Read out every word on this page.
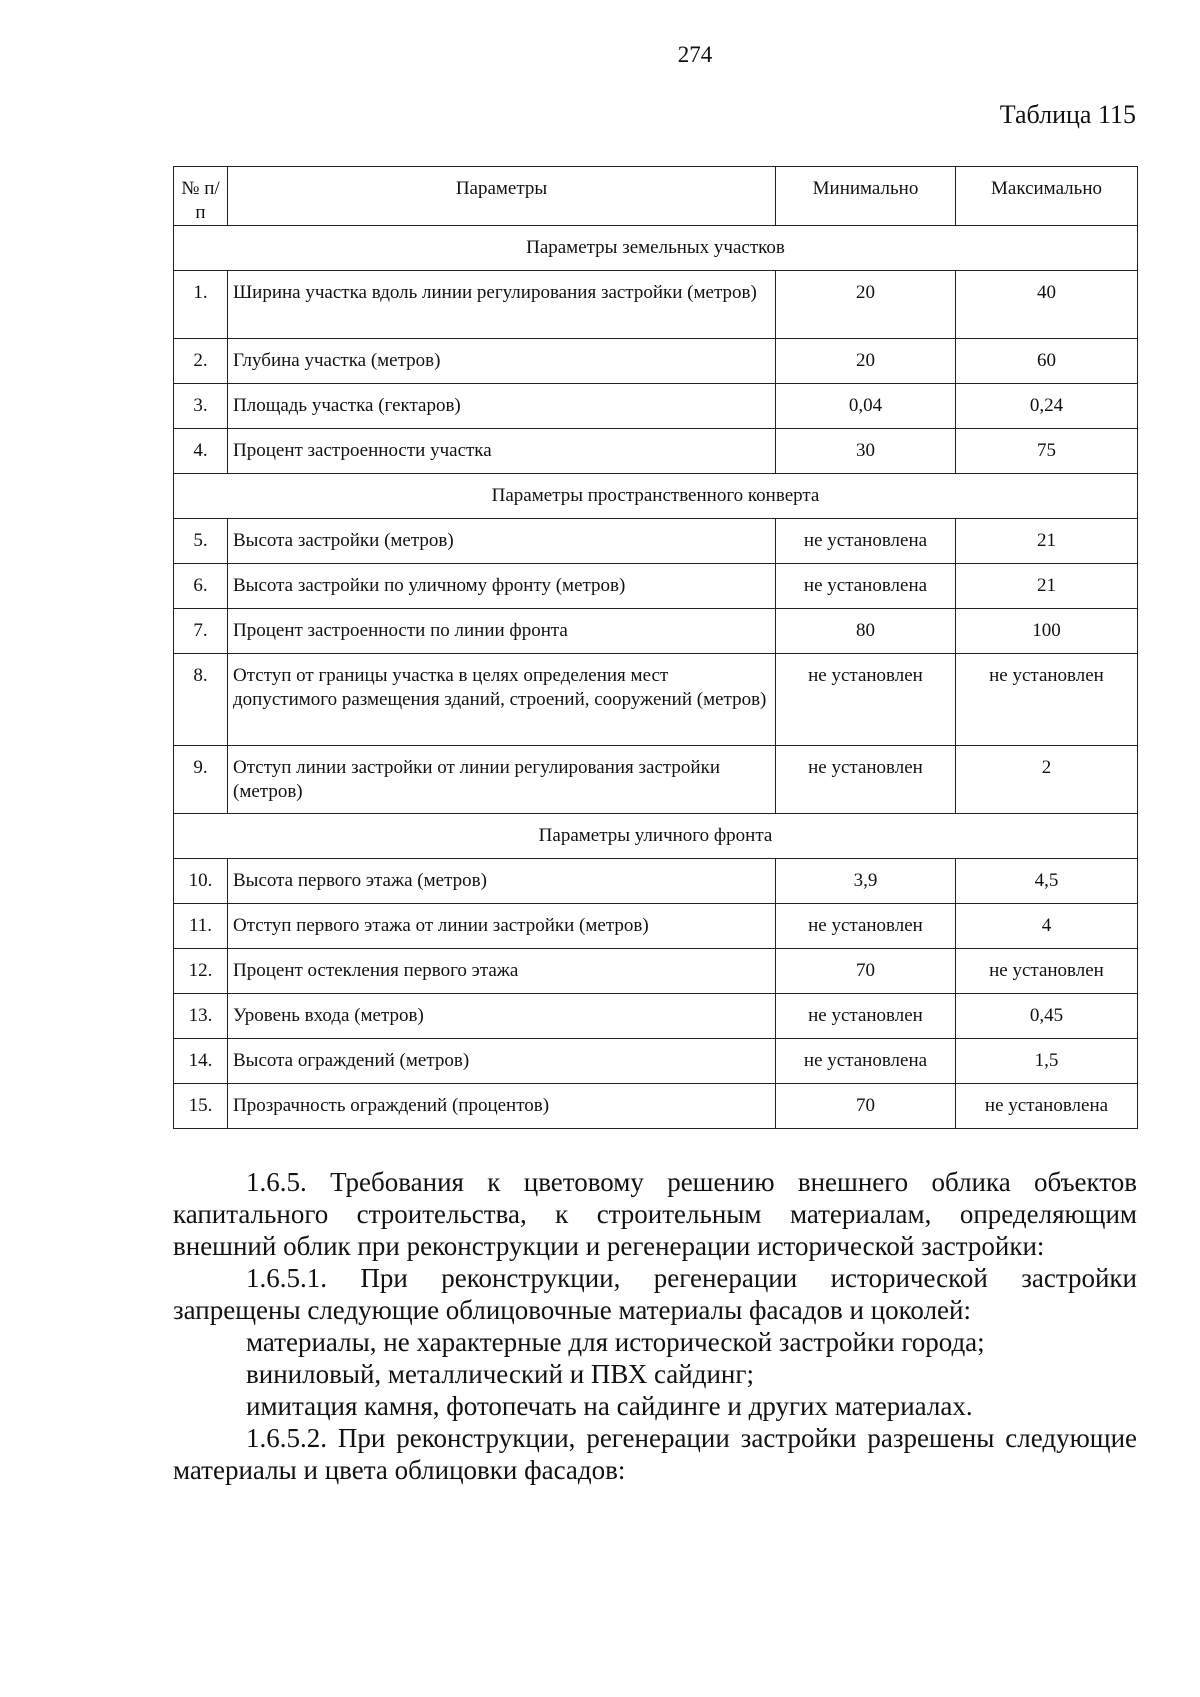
274
Таблица 115
№ п/п	Параметры	Минимально	Максимально
Параметры земельных участков			
1.	Ширина участка вдоль линии регулирования застройки (метров)	20	40
2.	Глубина участка (метров)	20	60
3.	Площадь участка (гектаров)	0,04	0,24
4.	Процент застроенности участка	30	75
Параметры пространственного конверта			
5.	Высота застройки (метров)	не установлена	21
6.	Высота застройки по уличному фронту (метров)	не установлена	21
7.	Процент застроенности по линии фронта	80	100
8.	Отступ от границы участка в целях определения мест допустимого размещения зданий, строений, сооружений (метров)	не установлен	не установлен
9.	Отступ линии застройки от линии регулирования застройки (метров)	не установлен	2
Параметры уличного фронта			
10.	Высота первого этажа (метров)	3,9	4,5
11.	Отступ первого этажа от линии застройки (метров)	не установлен	4
12.	Процент остекления первого этажа	70	не установлен
13.	Уровень входа (метров)	не установлен	0,45
14.	Высота ограждений (метров)	не установлена	1,5
15.	Прозрачность ограждений (процентов)	70	не установлена

1.6.5. Требования к цветовому решению внешнего облика объектов капитального строительства, к строительным материалам, определяющим внешний облик при реконструкции и регенерации исторической застройки:

1.6.5.1. При реконструкции, регенерации исторической застройки запрещены следующие облицовочные материалы фасадов и цоколей:

материалы, не характерные для исторической застройки города;

виниловый, металлический и ПВХ сайдинг;

имитация камня, фотопечать на сайдинге и других материалах.

1.6.5.2. При реконструкции, регенерации застройки разрешены следующие материалы и цвета облицовки фасадов:
